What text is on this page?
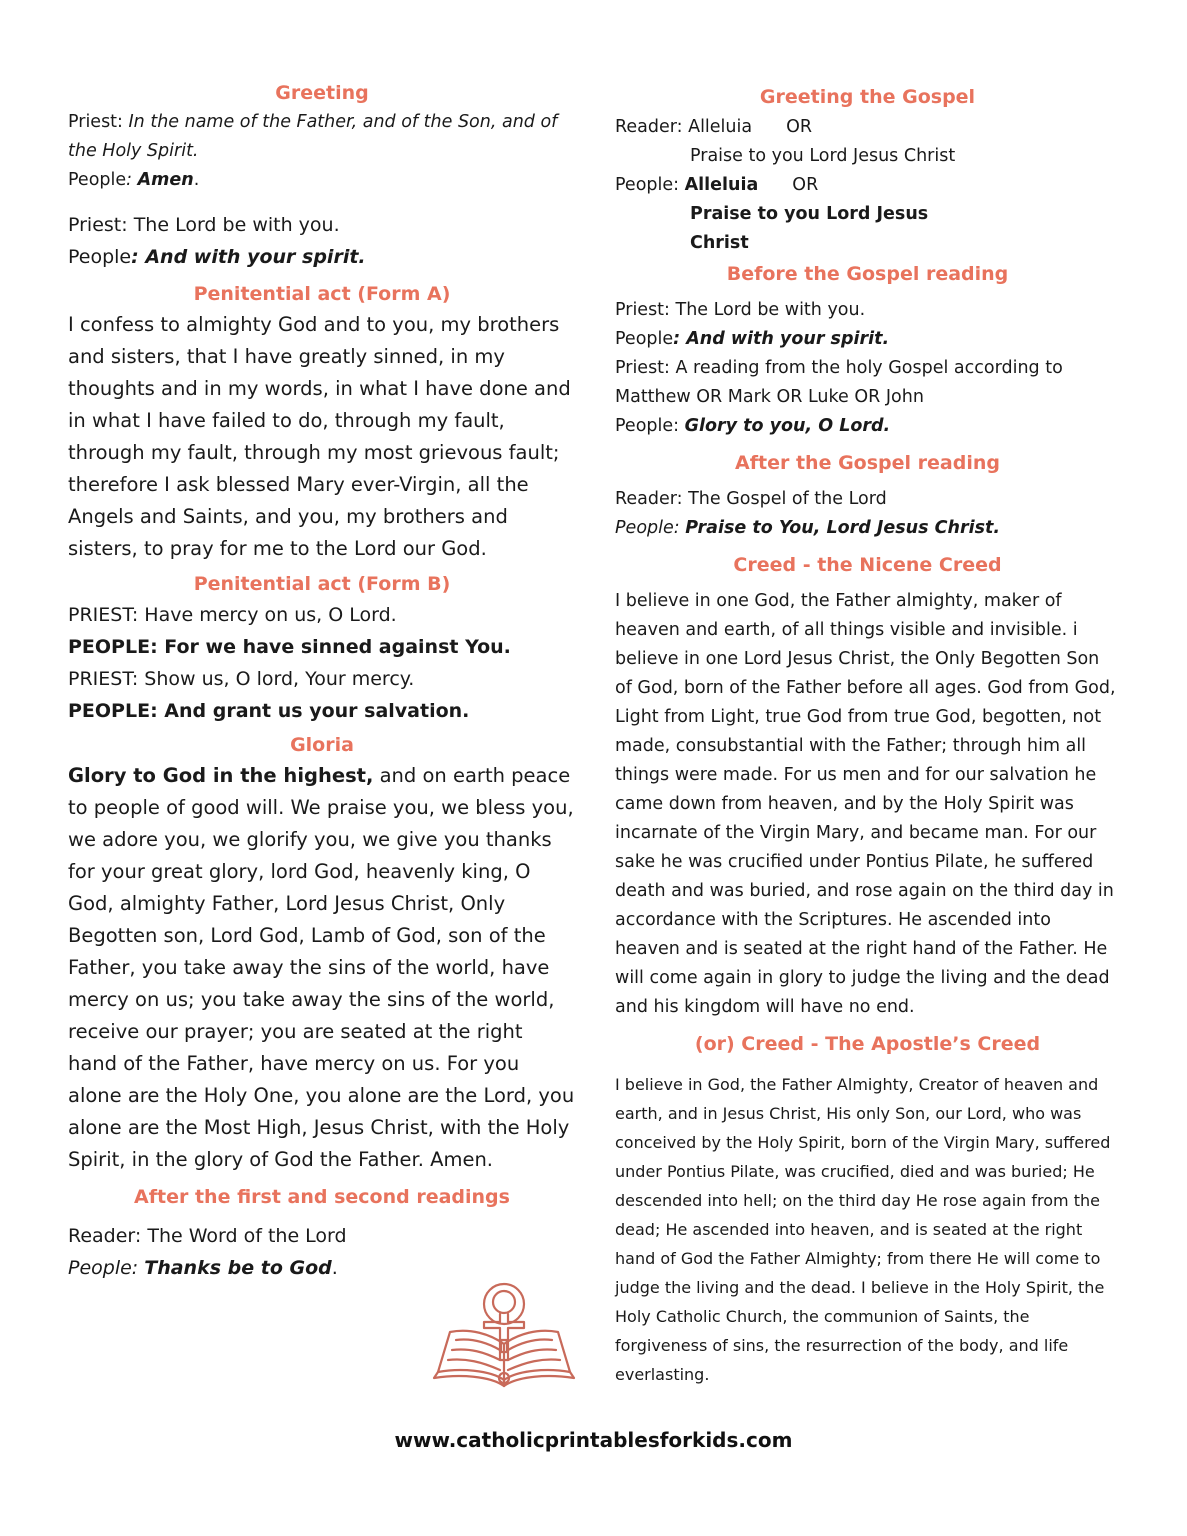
Greeting

Priest: In the name of the Father, and of the Son, and of the Holy Spirit.

People: Amen.

Priest: The Lord be with you.

People: And with your spirit.

Penitential act (Form A)

I confess to almighty God and to you, my brothers and sisters, that I have greatly sinned, in my thoughts and in my words, in what I have done and in what I have failed to do, through my fault, through my fault, through my most grievous fault; therefore I ask blessed Mary ever-Virgin, all the Angels and Saints, and you, my brothers and sisters, to pray for me to the Lord our God.

Penitential act (Form B)

PRIEST: Have mercy on us, O Lord.

PEOPLE: For we have sinned against You.

PRIEST: Show us, O lord, Your mercy.

PEOPLE: And grant us your salvation.

Gloria

Glory to God in the highest, and on earth peace to people of good will. We praise you, we bless you, we adore you, we glorify you, we give you thanks for your great glory, lord God, heavenly king, O God, almighty Father, Lord Jesus Christ, Only Begotten son, Lord God, Lamb of God, son of the Father, you take away the sins of the world, have mercy on us; you take away the sins of the world, receive our prayer; you are seated at the right hand of the Father, have mercy on us. For you alone are the Holy One, you alone are the Lord, you alone are the Most High, Jesus Christ, with the Holy Spirit, in the glory of God the Father. Amen.

After the first and second readings

Reader: The Word of the Lord

People: Thanks be to God.

Greeting the Gospel

Reader: Alleluia OR

Praise to you Lord Jesus Christ

People: Alleluia OR

Praise to you Lord Jesus

Christ

Before the Gospel reading

Priest: The Lord be with you.

People: And with your spirit.

Priest: A reading from the holy Gospel according to Matthew OR Mark OR Luke OR John

People: Glory to you, O Lord.

After the Gospel reading

Reader: The Gospel of the Lord

People: Praise to You, Lord Jesus Christ.

Creed - the Nicene Creed

I believe in one God, the Father almighty, maker of heaven and earth, of all things visible and invisible. i believe in one Lord Jesus Christ, the Only Begotten Son of God, born of the Father before all ages. God from God, Light from Light, true God from true God, begotten, not made, consubstantial with the Father; through him all things were made. For us men and for our salvation he came down from heaven, and by the Holy Spirit was incarnate of the Virgin Mary, and became man. For our sake he was crucified under Pontius Pilate, he suffered death and was buried, and rose again on the third day in accordance with the Scriptures. He ascended into heaven and is seated at the right hand of the Father. He will come again in glory to judge the living and the dead and his kingdom will have no end.

(or) Creed - The Apostle’s Creed

I believe in God, the Father Almighty, Creator of heaven and earth, and in Jesus Christ, His only Son, our Lord, who was conceived by the Holy Spirit, born of the Virgin Mary, suffered under Pontius Pilate, was crucified, died and was buried; He descended into hell; on the third day He rose again from the dead; He ascended into heaven, and is seated at the right hand of God the Father Almighty; from there He will come to judge the living and the dead. I believe in the Holy Spirit, the Holy Catholic Church, the communion of Saints, the forgiveness of sins, the resurrection of the body, and life everlasting.

www.catholicprintablesforkids.com
